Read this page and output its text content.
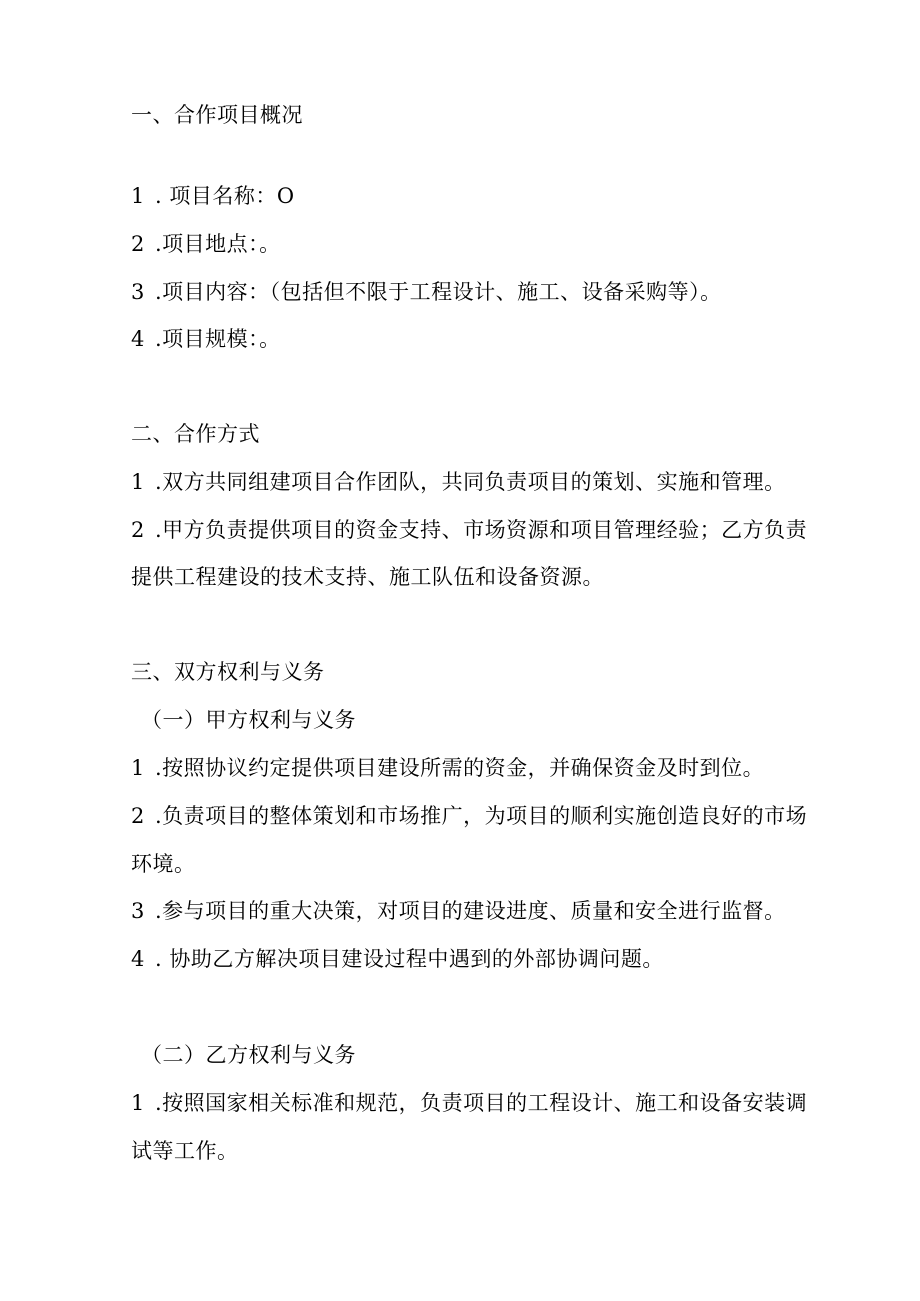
一、合作项目概况
1 . 项目名称：O
2 .项目地点：。
3 .项目内容：（包括但不限于工程设计、施工、设备采购等）。
4 .项目规模：。
二、合作方式
1 .双方共同组建项目合作团队，共同负责项目的策划、实施和管理。
2 .甲方负责提供项目的资金支持、市场资源和项目管理经验；乙方负责
提供工程建设的技术支持、施工队伍和设备资源。
三、双方权利与义务
（一）甲方权利与义务
1 .按照协议约定提供项目建设所需的资金，并确保资金及时到位。
2 .负责项目的整体策划和市场推广，为项目的顺利实施创造良好的市场
环境。
3 .参与项目的重大决策，对项目的建设进度、质量和安全进行监督。
4 . 协助乙方解决项目建设过程中遇到的外部协调问题。
（二）乙方权利与义务
1 .按照国家相关标准和规范，负责项目的工程设计、施工和设备安装调
试等工作。
